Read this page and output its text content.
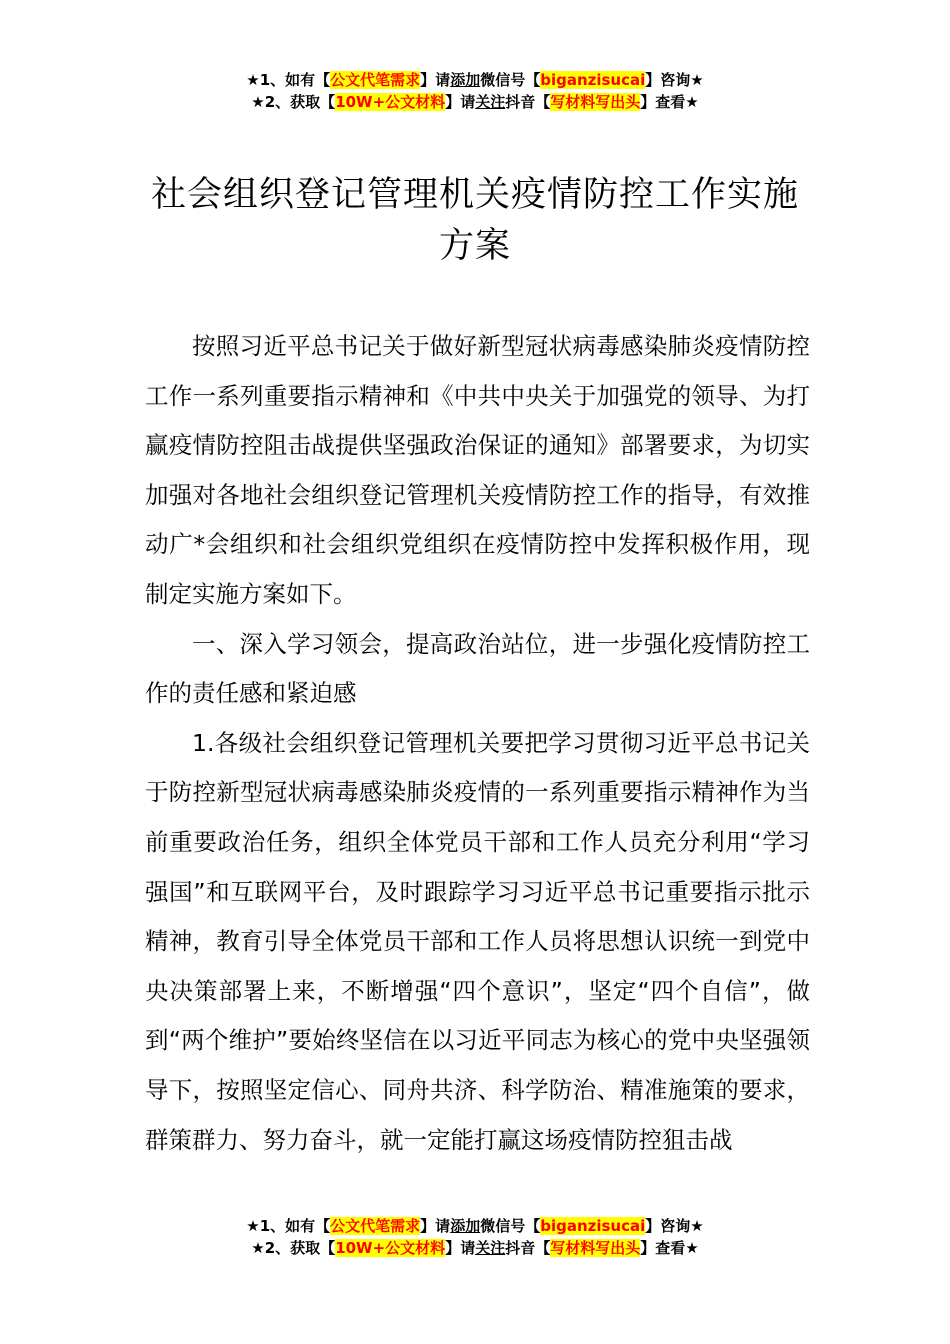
★1、如有【公文代笔需求】请添加微信号【biganzisucai】咨询★
★2、获取【10W+公文材料】请关注抖音【写材料写出头】查看★
社会组织登记管理机关疫情防控工作实施
方案

按照习近平总书记关于做好新型冠状病毒感染肺炎疫情防控工作一系列重要指示精神和《中共中央关于加强党的领导、为打赢疫情防控阻击战提供坚强政治保证的通知》部署要求，为切实加强对各地社会组织登记管理机关疫情防控工作的指导，有效推动广*会组织和社会组织党组织在疫情防控中发挥积极作用，现制定实施方案如下。

一、深入学习领会，提高政治站位，进一步强化疫情防控工作的责任感和紧迫感

1.各级社会组织登记管理机关要把学习贯彻习近平总书记关于防控新型冠状病毒感染肺炎疫情的一系列重要指示精神作为当前重要政治任务，组织全体党员干部和工作人员充分利用“学习强国”和互联网平台，及时跟踪学习习近平总书记重要指示批示精神，教育引导全体党员干部和工作人员将思想认识统一到党中央决策部署上来，不断增强“四个意识”，坚定“四个自信”，做到“两个维护”要始终坚信在以习近平同志为核心的党中央坚强领导下，按照坚定信心、同舟共济、科学防治、精准施策的要求，群策群力、努力奋斗，就一定能打赢这场疫情防控狙击战

★1、如有【公文代笔需求】请添加微信号【biganzisucai】咨询★
★2、获取【10W+公文材料】请关注抖音【写材料写出头】查看★
